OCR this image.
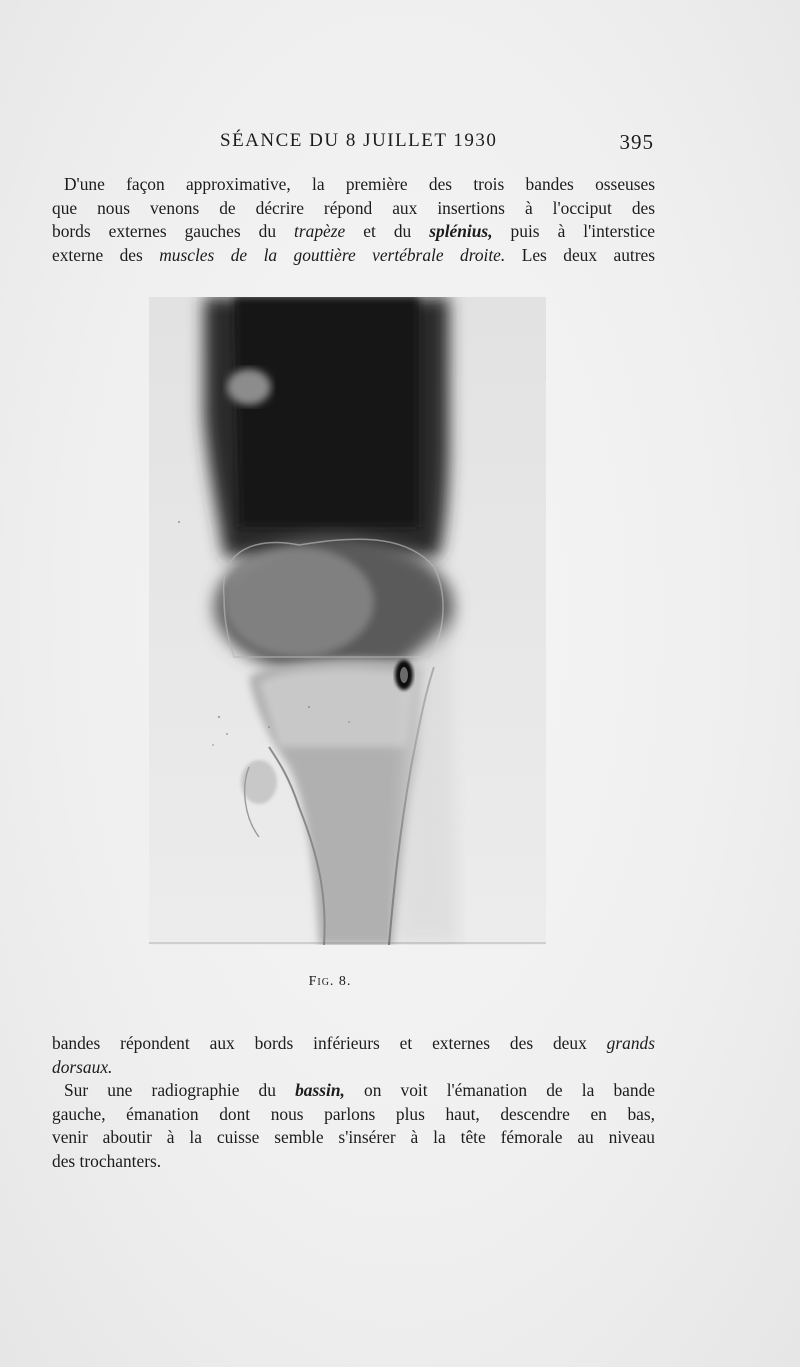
SÉANCE DU 8 JUILLET 1930	395
D'une façon approximative, la première des trois bandes osseuses
que nous venons de décrire répond aux insertions à l'occiput des
bords externes gauches du trapèze et du splénius, puis à l'interstice
externe des muscles de la gouttière vertébrale droite. Les deux autres
Fig. 8.
bandes répondent aux bords inférieurs et externes des deux grands
dorsaux.
Sur une radiographie du bassin, on voit l'émanation de la bande
gauche, émanation dont nous parlons plus haut, descendre en bas,
venir aboutir à la cuisse semble s'insérer à la tête fémorale au niveau
des trochanters.
